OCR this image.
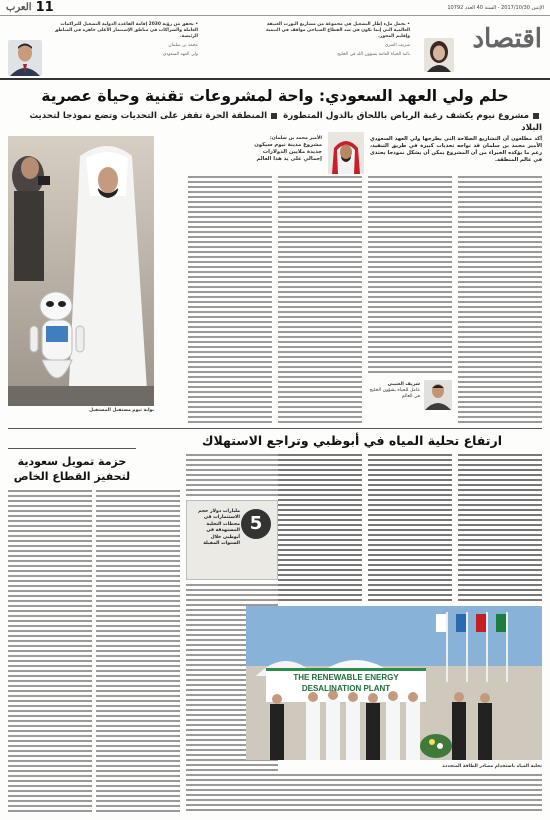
الإثنين 2017/10/30 - السنة 40 العدد 10792
العرب 11
اقتصاد
• تحمل ملء إطار التشغيل في مجموعة من مشاريع البورت العتيقة العالمية التي إنما تكون في سد القطاع السياحي مواقف في التنمية وإقليم المحور.
شريف العنزي
نائبة الحياة العامة بشؤون الله في الخليج
• تحقق من رؤية 2030 إقامة القاعدة الدولية التشغيل للتراكمات العاملة والشراكات في مناطق الإستثمار الأعلى جاهزة في المناطق الرئيسة.
محمد بن سلمان
ولي العهد السعودي
حلم ولي العهد السعودي: واحة لمشروعات تقنية وحياة عصرية
مشروع نيوم يكشف رغبة الرياض باللحاق بالدول المتطورة المنطقة الحرة تقفز على التحديات وتضع نموذجا لتحديث البلاد
أكد مطلعون أن التشاريع الصلاحة التي يطرحها ولي العهد السعودي الأمير محمد بن سلمان قد تواجه تحديات كبيرة في طريق التنفيذ، رغم ما يؤكده الخبراء من أن المشروع يمكن أن يشكل نموذجا يحتذى في عالم المنطقة.
الأمير محمد بن سلمان:
مشروع مدينة نيوم سيكون جديدة ملايين الدولارات إجمالي على يد هذا العالم
شريف العتيبي
عامل للحياة بشؤون الخليج في العالم
بوابة نيوم مستقبل المستقبل
ارتفاع تحلية المياه في أبوظبي وتراجع الاستهلاك
حزمة تمويل سعودية لتحفيز القطاع الخاص
5
مليارات دولار حجم الاستثمارات في محطات التحلية المستهدفة في أبوظبي خلال السنوات المقبلة
THE RENEWABLE ENERGY DESALINATION PLANT
تحلية المياه باستخدام مصادر الطاقة المتجددة
